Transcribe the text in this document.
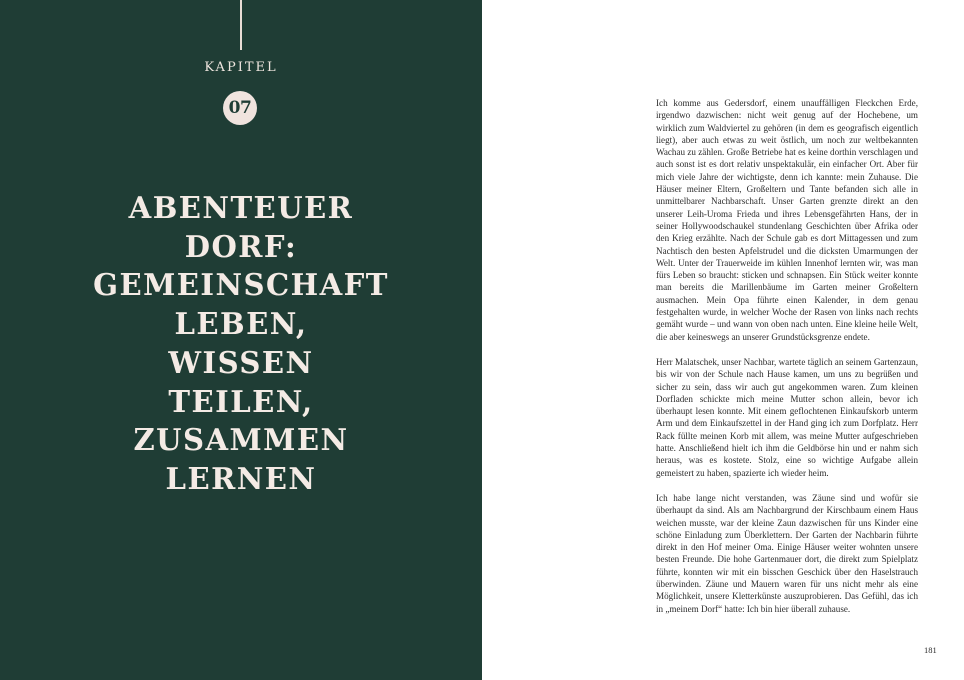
KAPITEL
07
ABENTEUER
DORF:
GEMEINSCHAFT
LEBEN,
WISSEN
TEILEN,
ZUSAMMEN
LERNEN

Ich komme aus Gedersdorf, einem unauffälligen Fleckchen Erde, irgendwo dazwischen: nicht weit genug auf der Hochebene, um wirklich zum Waldviertel zu gehören (in dem es geografisch eigentlich liegt), aber auch etwas zu weit östlich, um noch zur weltbekannten Wachau zu zählen. Große Betriebe hat es keine dorthin verschlagen und auch sonst ist es dort relativ unspektakulär, ein einfacher Ort. Aber für mich viele Jahre der wichtigste, denn ich kannte: mein Zuhause. Die Häuser meiner Eltern, Großeltern und Tante befanden sich alle in unmittelbarer Nachbarschaft. Unser Garten grenzte direkt an den unserer Leih-Uroma Frieda und ihres Lebensgefährten Hans, der in seiner Hollywoodschaukel stundenlang Geschichten über Afrika oder den Krieg erzählte. Nach der Schule gab es dort Mittagessen und zum Nachtisch den besten Apfelstrudel und die dicksten Umarmungen der Welt. Unter der Trauerweide im kühlen Innenhof lernten wir, was man fürs Leben so braucht: sticken und schnapsen. Ein Stück weiter konnte man bereits die Marillenbäume im Garten meiner Großeltern ausmachen. Mein Opa führte einen Kalender, in dem genau festgehalten wurde, in welcher Woche der Rasen von links nach rechts gemäht wurde – und wann von oben nach unten. Eine kleine heile Welt, die aber keineswegs an unserer Grundstücksgrenze endete.

Herr Malatschek, unser Nachbar, wartete täglich an seinem Gartenzaun, bis wir von der Schule nach Hause kamen, um uns zu begrüßen und sicher zu sein, dass wir auch gut angekommen waren. Zum kleinen Dorfladen schickte mich meine Mutter schon allein, bevor ich überhaupt lesen konnte. Mit einem geflochtenen Einkaufskorb unterm Arm und dem Einkaufszettel in der Hand ging ich zum Dorfplatz. Herr Rack füllte meinen Korb mit allem, was meine Mutter aufgeschrieben hatte. Anschließend hielt ich ihm die Geldbörse hin und er nahm sich heraus, was es kostete. Stolz, eine so wichtige Aufgabe allein gemeistert zu haben, spazierte ich wieder heim.

Ich habe lange nicht verstanden, was Zäune sind und wofür sie überhaupt da sind. Als am Nachbargrund der Kirschbaum einem Haus weichen musste, war der kleine Zaun dazwischen für uns Kinder eine schöne Einladung zum Überklettern. Der Garten der Nachbarin führte direkt in den Hof meiner Oma. Einige Häuser weiter wohnten unsere besten Freunde. Die hohe Gartenmauer dort, die direkt zum Spielplatz führte, konnten wir mit ein bisschen Geschick über den Haselstrauch überwinden. Zäune und Mauern waren für uns nicht mehr als eine Möglichkeit, unsere Kletterkünste auszuprobieren. Das Gefühl, das ich in „meinem Dorf“ hatte: Ich bin hier überall zuhause.

181
